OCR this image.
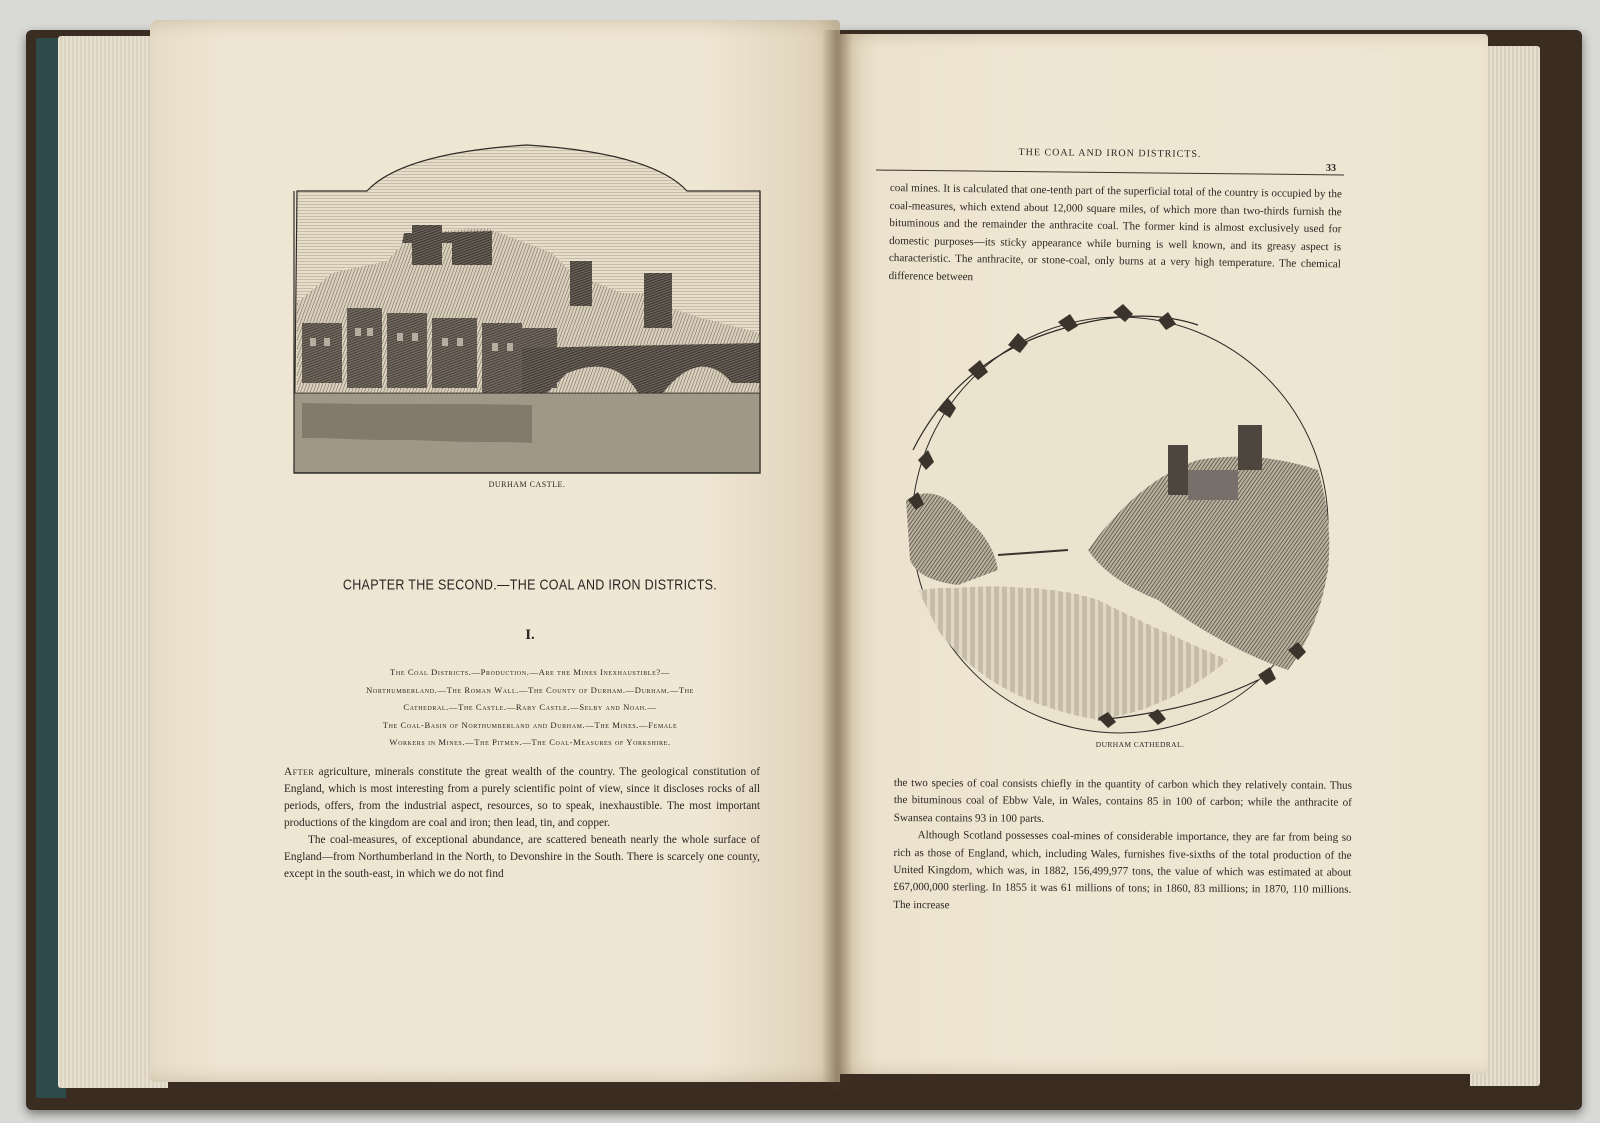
DURHAM CASTLE.
CHAPTER THE SECOND.—THE COAL AND IRON DISTRICTS.
I.
The Coal Districts.—Production.—Are the Mines Inexhaustible?—
Northumberland.—The Roman Wall.—The County of Durham.—Durham.—The
Cathedral.—The Castle.—Raby Castle.—Selby and Noah.—
The Coal-Basin of Northumberland and Durham.—The Mines.—Female
Workers in Mines.—The Pitmen.—The Coal-Measures of Yorkshire.

After agriculture, minerals constitute the great wealth of the country. The geological constitution of England, which is most interesting from a purely scientific point of view, since it discloses rocks of all periods, offers, from the industrial aspect, resources, so to speak, inexhaustible. The most important productions of the kingdom are coal and iron; then lead, tin, and copper.

The coal-measures, of exceptional abundance, are scattered beneath nearly the whole surface of England—from Northumberland in the North, to Devonshire in the South. There is scarcely one county, except in the south-east, in which we do not find

THE COAL AND IRON DISTRICTS.
33

coal mines. It is calculated that one-tenth part of the superficial total of the country is occupied by the coal-measures, which extend about 12,000 square miles, of which more than two-thirds furnish the bituminous and the remainder the anthracite coal. The former kind is almost exclusively used for domestic purposes—its sticky appearance while burning is well known, and its greasy aspect is characteristic. The anthracite, or stone-coal, only burns at a very high temperature. The chemical difference between

DURHAM CATHEDRAL.

the two species of coal consists chiefly in the quantity of carbon which they relatively contain. Thus the bituminous coal of Ebbw Vale, in Wales, contains 85 in 100 of carbon; while the anthracite of Swansea contains 93 in 100 parts.

Although Scotland possesses coal-mines of considerable importance, they are far from being so rich as those of England, which, including Wales, furnishes five-sixths of the total production of the United Kingdom, which was, in 1882, 156,499,977 tons, the value of which was estimated at about £67,000,000 sterling. In 1855 it was 61 millions of tons; in 1860, 83 millions; in 1870, 110 millions. The increase
